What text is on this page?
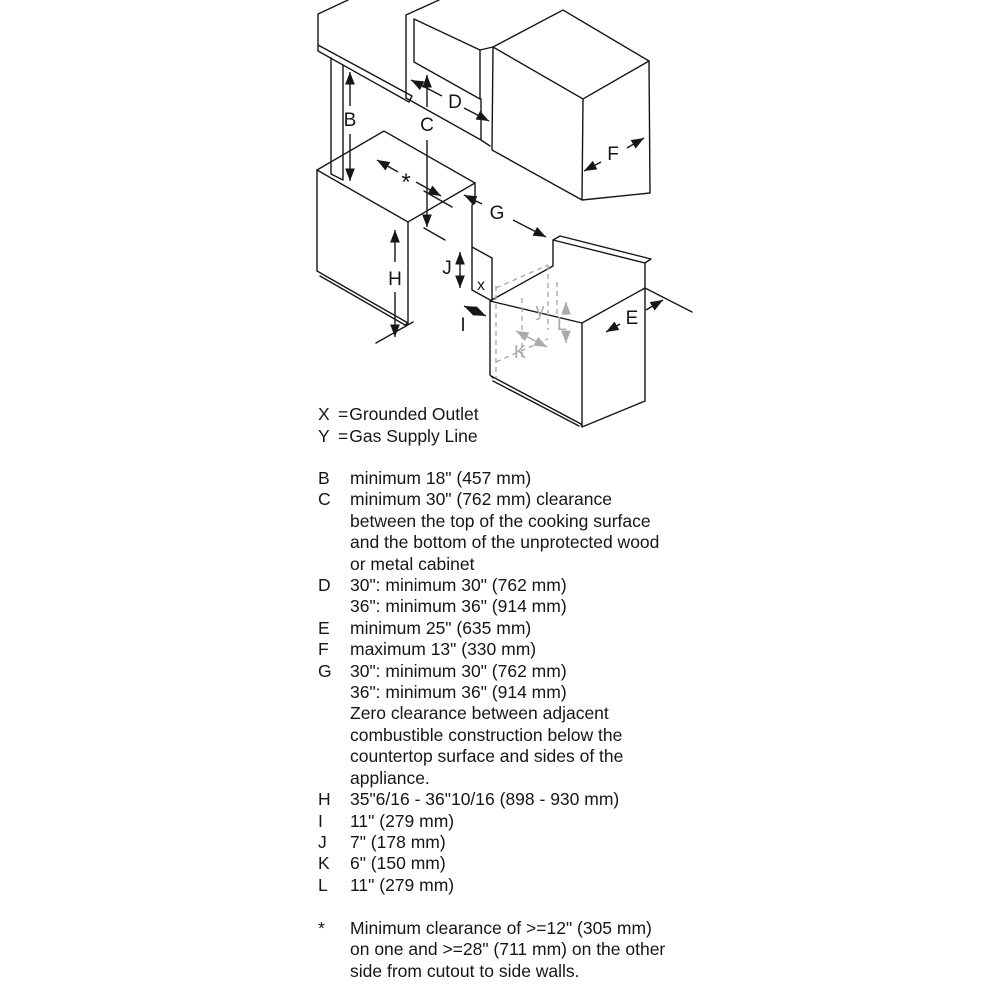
B	C
D
G
F
E
H
J
I
*
x
y
K
L
X = Grounded Outlet
Y = Gas Supply Line
B	minimum 18" (457 mm)
C	minimum 30" (762 mm) clearance
between the top of the cooking surface
and the bottom of the unprotected wood
or metal cabinet
D	30": minimum 30" (762 mm)
36": minimum 36" (914 mm)
E	minimum 25" (635 mm)
F	maximum 13" (330 mm)
G	30": minimum 30" (762 mm)
36": minimum 36" (914 mm)
Zero clearance between adjacent
combustible construction below the
countertop surface and sides of the
appliance.
H	35"6/16 - 36"10/16 (898 - 930 mm)
I	11" (279 mm)
J	7" (178 mm)
K	6" (150 mm)
L	11" (279 mm)
*	Minimum clearance of >=12" (305 mm)
on one and >=28" (711 mm) on the other
side from cutout to side walls.
